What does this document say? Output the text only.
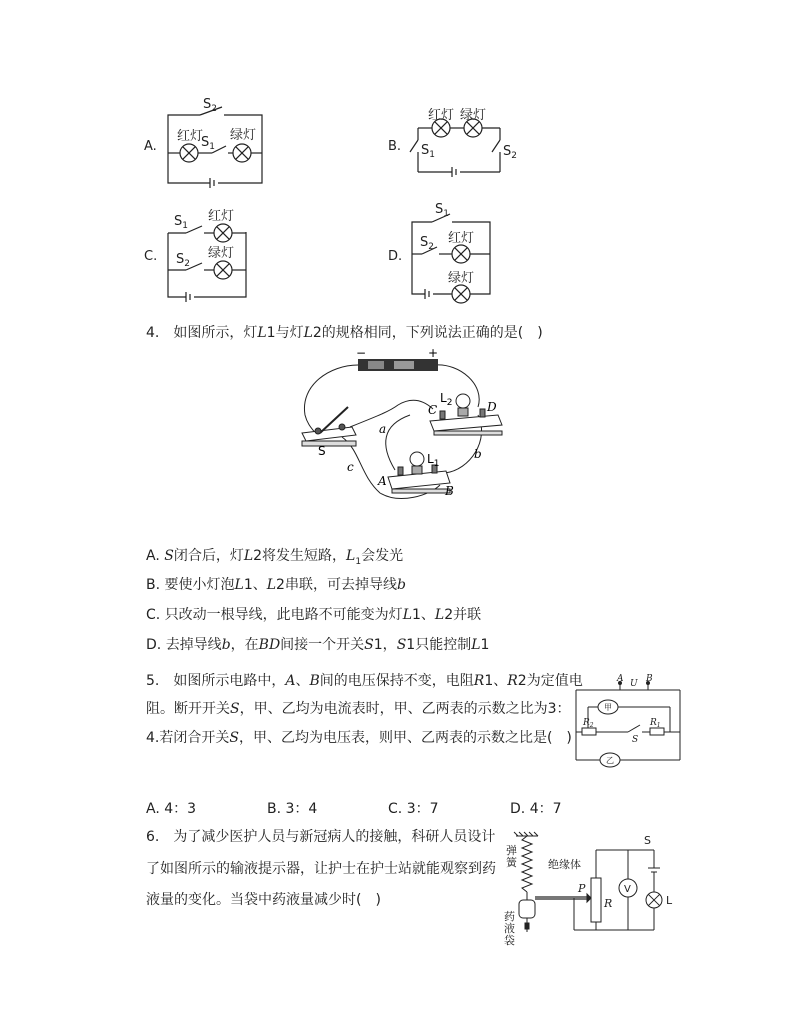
A.
$S_2$
红灯
$S_1$
绿灯
B.
红灯 绿灯
$S_1$	$S_2$
C.
$S_1$
红灯
$S_2$
绿灯	D.
$S_1$
$S_2$
红灯
绿灯
4.　如图所示，灯L1与灯L2的规格相同，下列说法正确的是(　)
−	+
S
$L_2$
C	D
$L_1$
A
B
a
b
c
A. S闭合后，灯L2将发生短路，$L_1$会发光
B. 要使小灯泡L1、L2串联，可去掉导线b
C. 只改动一根导线，此电路不可能变为灯L1、L2并联
D. 去掉导线b，在BD间接一个开关S1，S1只能控制L1
5.　如图所示电路中，A、B间的电压保持不变，电阻R1、R2为定值电
阻。断开开关S，甲、乙均为电流表时，甲、乙两表的示数之比为3：
4.若闭合开关S，甲、乙均为电压表，则甲、乙两表的示数之比是(　)
A U B
甲
乙
$R_2$	$R_1$
S
A. 4：3	B. 3：4	C. 3：7	D. 4：7
6.　为了减少医护人员与新冠病人的接触，科研人员设计
了如图所示的输液提示器，让护士在护士站就能观察到药
液量的变化。当袋中药液量减少时(　)
弹簧
药液袋
绝缘体
P
R
V
S
L
